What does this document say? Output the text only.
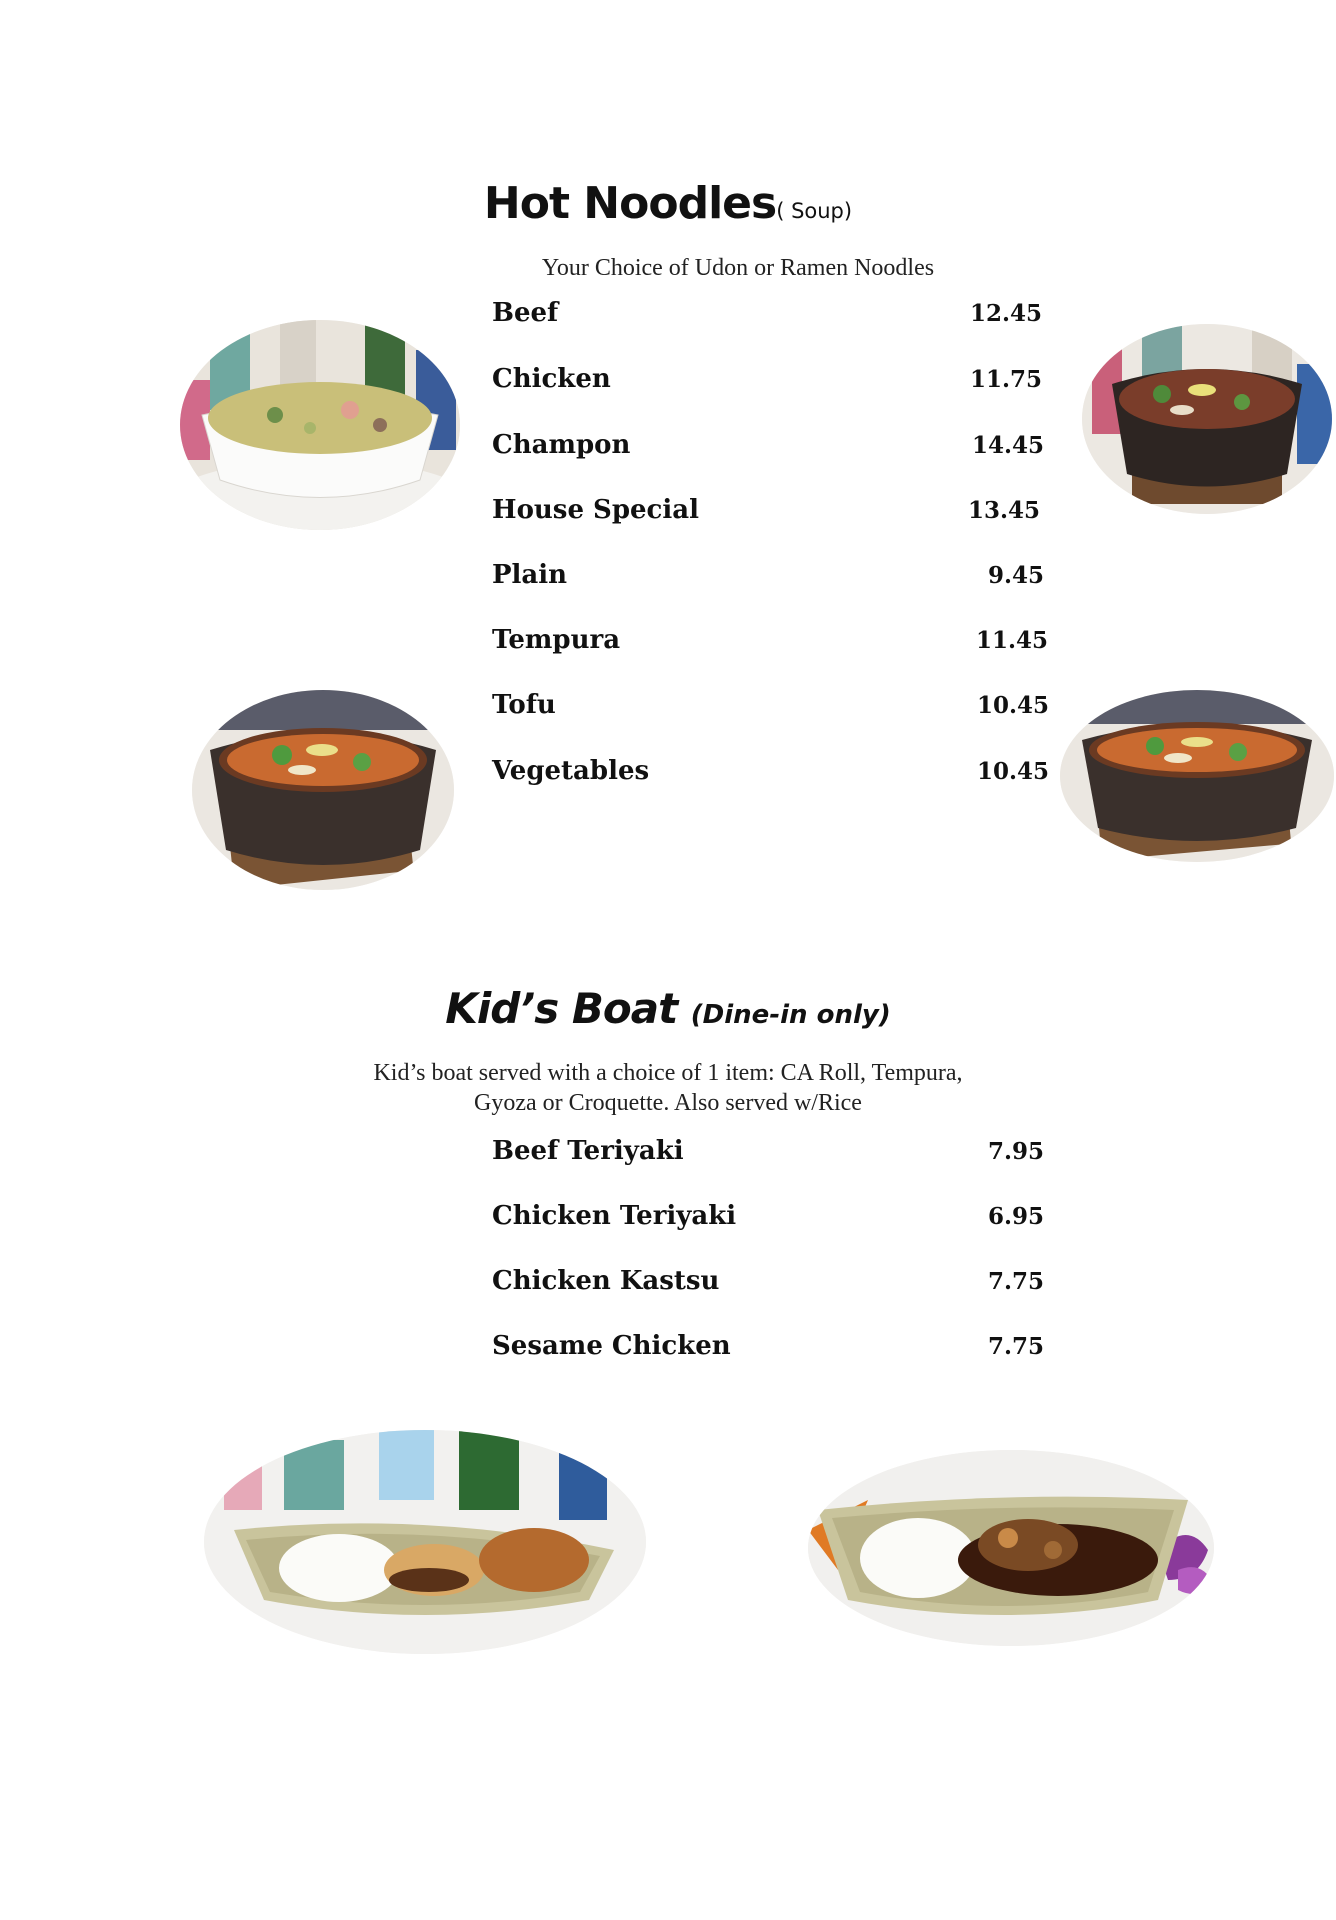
Hot Noodles( Soup)
Your Choice of Udon or Ramen Noodles
Beef	12.45
Chicken	11.75
Champon	14.45
House Special	13.45
Plain	9.45
Tempura	11.45
Tofu	10.45
Vegetables	10.45
Kid’s Boat (Dine-in only)
Kid’s boat served with a choice of 1 item: CA Roll, Tempura, Gyoza or Croquette. Also served w/Rice
Beef Teriyaki	7.95
Chicken Teriyaki	6.95
Chicken Kastsu	7.75
Sesame Chicken	7.75
